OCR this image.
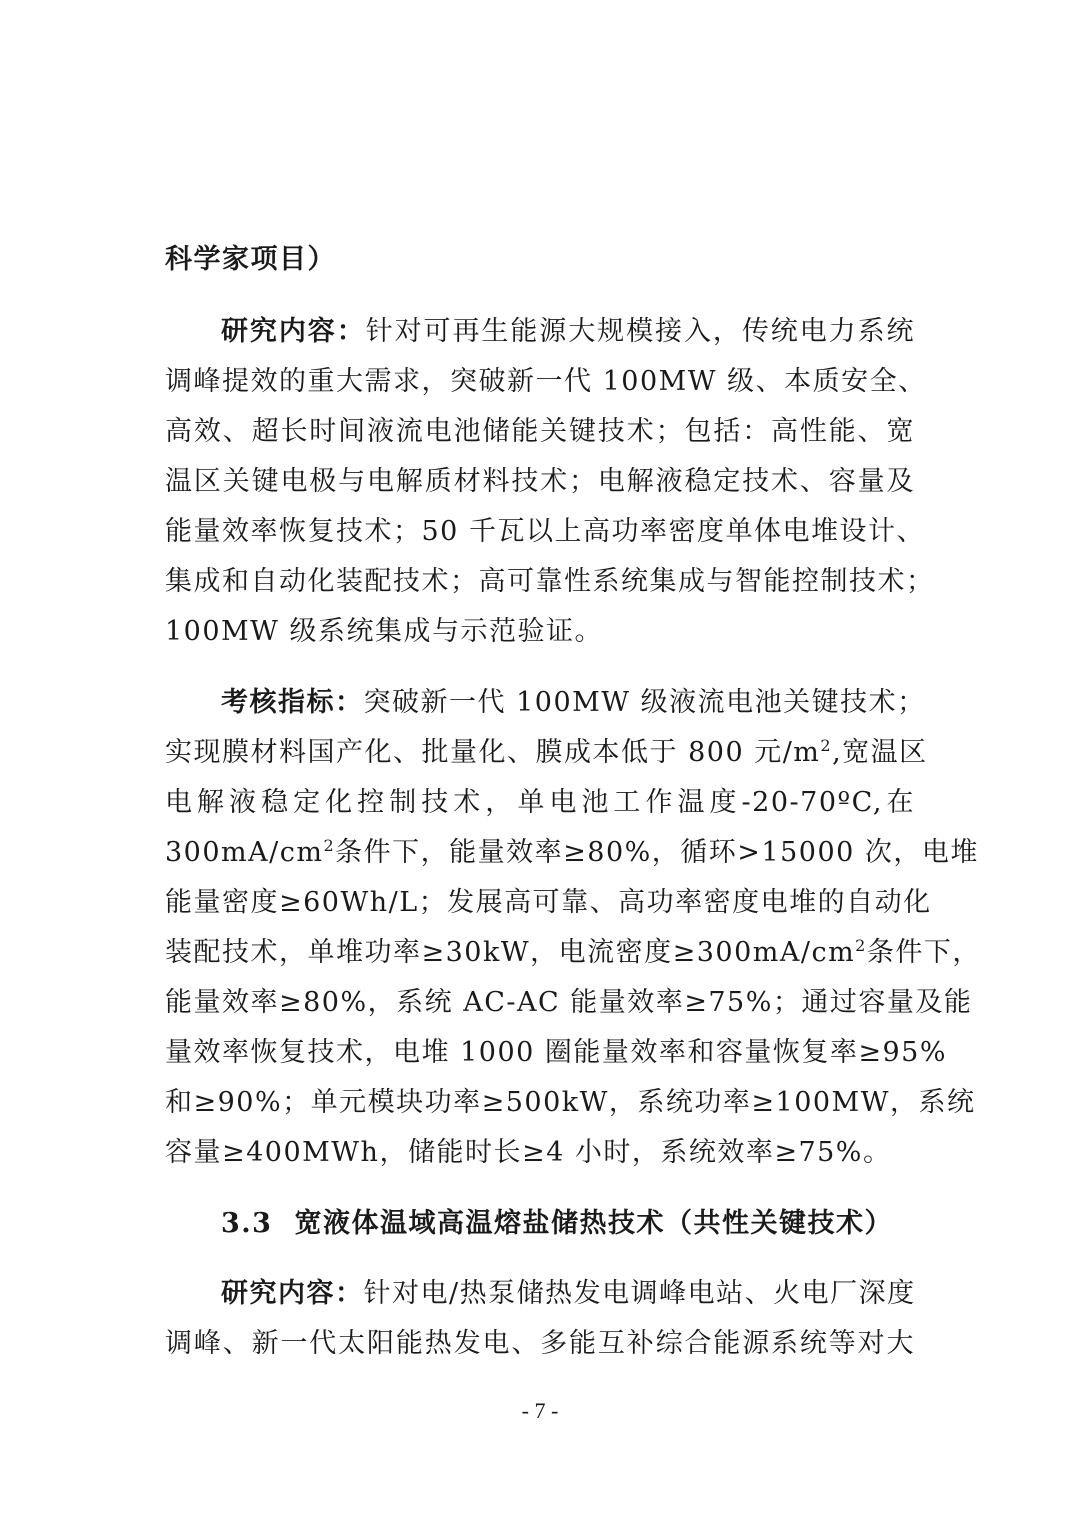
科学家项目）
研究内容：针对可再生能源大规模接入，传统电力系统
调峰提效的重大需求，突破新一代 100MW 级、本质安全、
高效、超长时间液流电池储能关键技术；包括：高性能、宽
温区关键电极与电解质材料技术；电解液稳定技术、容量及
能量效率恢复技术；50 千瓦以上高功率密度单体电堆设计、
集成和自动化装配技术；高可靠性系统集成与智能控制技术；
100MW 级系统集成与示范验证。
考核指标：突破新一代 100MW 级液流电池关键技术；
实现膜材料国产化、批量化、膜成本低于 800 元$/m^2$,宽温区
电解液稳定化控制技术，单电池工作温度-20-70ºC,在
$300mA/cm^2$条件下，能量效率≥80%，循环>15000 次，电堆
能量密度≥60Wh/L；发展高可靠、高功率密度电堆的自动化
装配技术，单堆功率≥30kW，电流密度$\ge 300mA/cm^2$条件下，
能量效率≥80%，系统 AC-AC 能量效率≥75%；通过容量及能
量效率恢复技术，电堆 1000 圈能量效率和容量恢复率≥95%
和≥90%；单元模块功率≥500kW，系统功率≥100MW，系统
容量≥400MWh，储能时长≥4 小时，系统效率≥75%。
3.3 宽液体温域高温熔盐储热技术（共性关键技术）
研究内容：针对电/热泵储热发电调峰电站、火电厂深度
调峰、新一代太阳能热发电、多能互补综合能源系统等对大
- 7 -
